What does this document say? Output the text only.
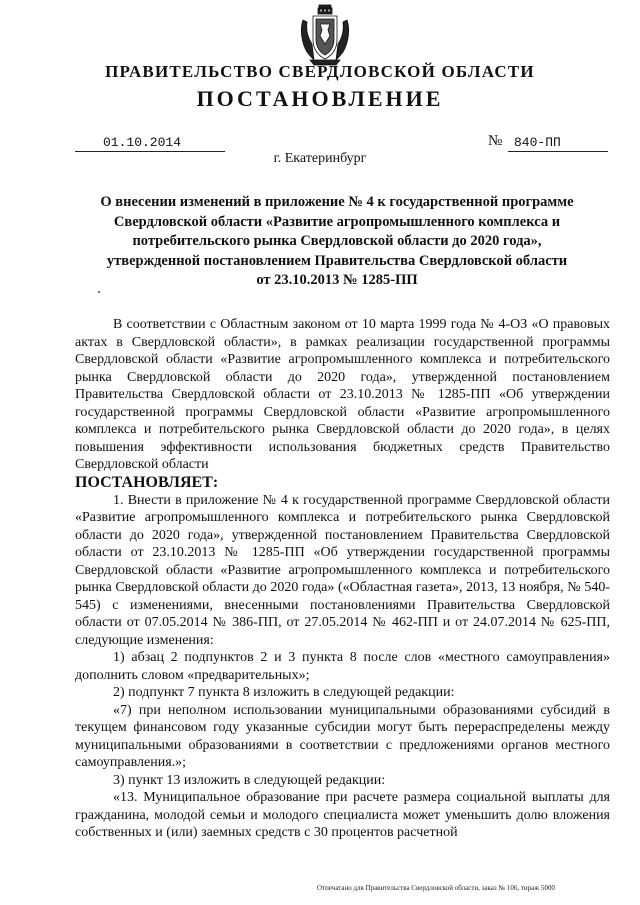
ПРАВИТЕЛЬСТВО СВЕРДЛОВСКОЙ ОБЛАСТИ
ПОСТАНОВЛЕНИЕ
01.10.2014	№ 840-ПП
г. Екатеринбург
О внесении изменений в приложение № 4 к государственной программе
Свердловской области «Развитие агропромышленного комплекса и
потребительского рынка Свердловской области до 2020 года»,
утвержденной постановлением Правительства Свердловской области
от 23.10.2013 № 1285-ПП

В соответствии с Областным законом от 10 марта 1999 года № 4-ОЗ «О правовых актах в Свердловской области», в рамках реализации государственной программы Свердловской области «Развитие агропромышленного комплекса и потребительского рынка Свердловской области до 2020 года», утвержденной постановлением Правительства Свердловской области от 23.10.2013 № 1285-ПП «Об утверждении государственной программы Свердловской области «Развитие агропромышленного комплекса и потребительского рынка Свердловской области до 2020 года», в целях повышения эффективности использования бюджетных средств Правительство Свердловской области

ПОСТАНОВЛЯЕТ:

1. Внести в приложение № 4 к государственной программе Свердловской области «Развитие агропромышленного комплекса и потребительского рынка Свердловской области до 2020 года», утвержденной постановлением Правительства Свердловской области от 23.10.2013 № 1285-ПП «Об утверждении государственной программы Свердловской области «Развитие агропромышленного комплекса и потребительского рынка Свердловской области до 2020 года» («Областная газета», 2013, 13 ноября, № 540-545) с изменениями, внесенными постановлениями Правительства Свердловской области от 07.05.2014 № 386-ПП, от 27.05.2014 № 462-ПП и от 24.07.2014 № 625-ПП, следующие изменения:

1) абзац 2 подпунктов 2 и 3 пункта 8 после слов «местного самоуправления» дополнить словом «предварительных»;

2) подпункт 7 пункта 8 изложить в следующей редакции:

«7) при неполном использовании муниципальными образованиями субсидий в текущем финансовом году указанные субсидии могут быть перераспределены между муниципальными образованиями в соответствии с предложениями органов местного самоуправления.»;

3) пункт 13 изложить в следующей редакции:

«13. Муниципальное образование при расчете размера социальной выплаты для гражданина, молодой семьи и молодого специалиста может уменьшить долю вложения собственных и (или) заемных средств с 30 процентов расчетной

Отпечатано для Правительства Свердловской области, заказ № 106, тираж 5000
